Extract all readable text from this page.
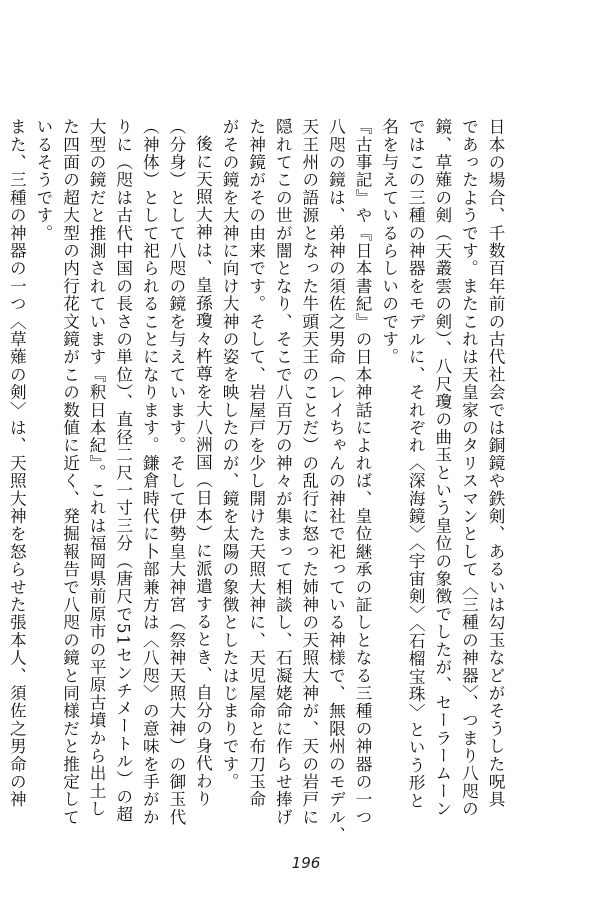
日本の場合、千数百年前の古代社会では銅鏡や鉄剣、あるいは勾玉などがそうした呪具
であったようです。またこれは天皇家のタリスマンとして〈三種の神器〉、つまり八咫の
鏡、草薙の剣（天叢雲の剣）、八尺瓊の曲玉という皇位の象徴でしたが、セーラームーン
ではこの三種の神器をモデルに、それぞれ〈深海鏡〉〈宇宙剣〉〈石榴宝珠〉という形と
名を与えているらしいのです。
『古事記』や『日本書紀』の日本神話によれば、皇位継承の証しとなる三種の神器の一つ
八咫の鏡は、弟神の須佐之男命（レイちゃんの神社で祀っている神様で、無限州のモデル、
天王州の語源となった牛頭天王のことだ）の乱行に怒った姉神の天照大神が、天の岩戸に
隠れてこの世が闇となり、そこで八百万の神々が集まって相談し、石凝姥命に作らせ捧げ
た神鏡がその由来です。そして、岩屋戸を少し開けた天照大神に、天児屋命と布刀玉命
がその鏡を大神に向け大神の姿を映したのが、鏡を太陽の象徴としたはじまりです。
後に天照大神は、皇孫瓊々杵尊を大八洲国（日本）に派遣するとき、自分の身代わり
（分身）として八咫の鏡を与えています。そして伊勢皇大神宮（祭神天照大神）の御玉代
（神体）として祀られることになります。鎌倉時代に卜部兼方は〈八咫〉の意味を手がか
りに（咫は古代中国の長さの単位）、直径二尺一寸三分（唐尺で51センチメートル）の超
大型の鏡だと推測されています『釈日本紀』。これは福岡県前原市の平原古墳から出土し
た四面の超大型の内行花文鏡がこの数値に近く、発掘報告で八咫の鏡と同様だと推定して
いるそうです。
また、三種の神器の一つ〈草薙の剣〉は、天照大神を怒らせた張本人、須佐之男命の神
196
